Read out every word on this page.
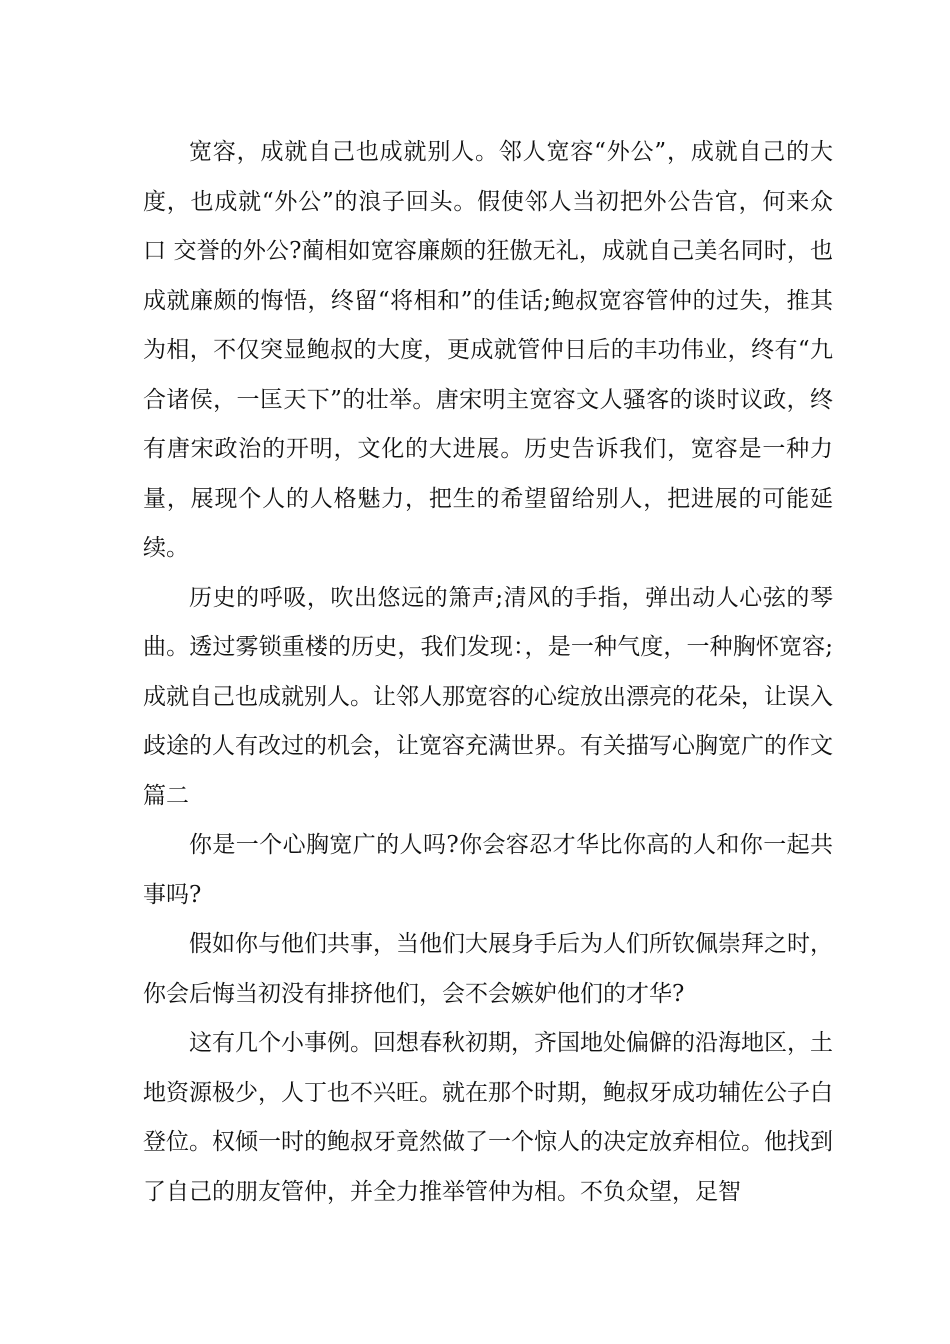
宽容，成就自己也成就别人。邻人宽容“外公”，成就自己的大度，也成就“外公”的浪子回头。假使邻人当初把外公告官，何来众口 交誉的外公?蔺相如宽容廉颇的狂傲无礼，成就自己美名同时，也成就廉颇的悔悟，终留“将相和”的佳话;鲍叔宽容管仲的过失，推其为相，不仅突显鲍叔的大度，更成就管仲日后的丰功伟业，终有“九合诸侯，一匡天下”的壮举。唐宋明主宽容文人骚客的谈时议政，终有唐宋政治的开明，文化的大进展。历史告诉我们，宽容是一种力量，展现个人的人格魅力，把生的希望留给别人，把进展的可能延续。

历史的呼吸，吹出悠远的箫声;清风的手指，弹出动人心弦的琴曲。透过雾锁重楼的历史，我们发现：，是一种气度，一种胸怀宽容;成就自己也成就别人。让邻人那宽容的心绽放出漂亮的花朵，让误入歧途的人有改过的机会，让宽容充满世界。有关描写心胸宽广的作文篇二

你是一个心胸宽广的人吗?你会容忍才华比你高的人和你一起共事吗?

假如你与他们共事，当他们大展身手后为人们所钦佩崇拜之时，你会后悔当初没有排挤他们，会不会嫉妒他们的才华?

这有几个小事例。回想春秋初期，齐国地处偏僻的沿海地区，土地资源极少，人丁也不兴旺。就在那个时期，鲍叔牙成功辅佐公子白登位。权倾一时的鲍叔牙竟然做了一个惊人的决定放弃相位。他找到了自己的朋友管仲，并全力推举管仲为相。不负众望，足智
